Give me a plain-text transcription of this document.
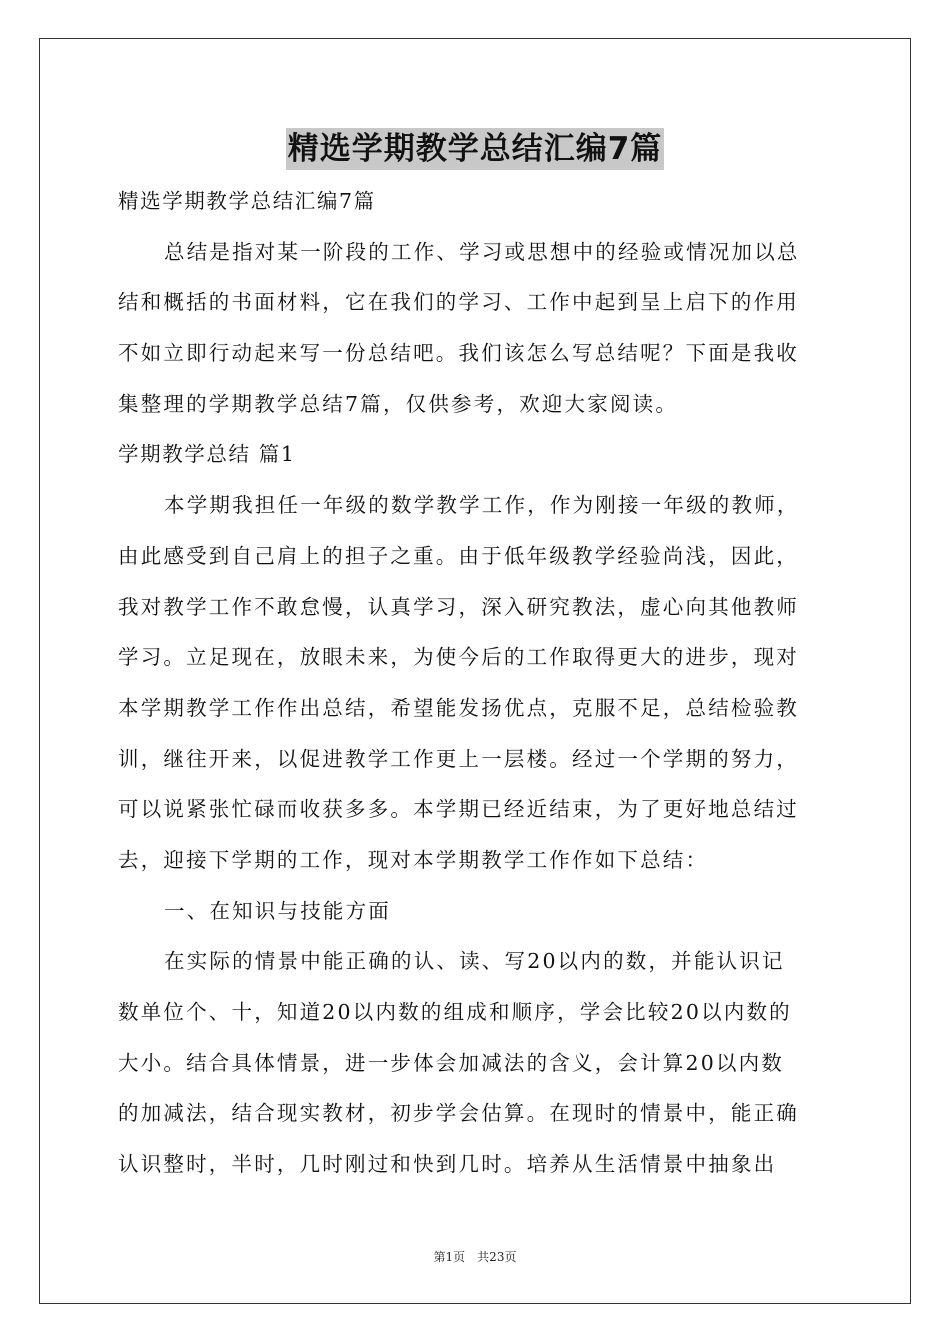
精选学期教学总结汇编7篇
精选学期教学总结汇编7篇
总结是指对某一阶段的工作、学习或思想中的经验或情况加以总
结和概括的书面材料，它在我们的学习、工作中起到呈上启下的作用
不如立即行动起来写一份总结吧。我们该怎么写总结呢？下面是我收
集整理的学期教学总结7篇，仅供参考，欢迎大家阅读。
学期教学总结 篇1
本学期我担任一年级的数学教学工作，作为刚接一年级的教师，
由此感受到自己肩上的担子之重。由于低年级教学经验尚浅，因此，
我对教学工作不敢怠慢，认真学习，深入研究教法，虚心向其他教师
学习。立足现在，放眼未来，为使今后的工作取得更大的进步，现对
本学期教学工作作出总结，希望能发扬优点，克服不足，总结检验教
训，继往开来，以促进教学工作更上一层楼。经过一个学期的努力，
可以说紧张忙碌而收获多多。本学期已经近结束，为了更好地总结过
去，迎接下学期的工作，现对本学期教学工作作如下总结：
一、在知识与技能方面
在实际的情景中能正确的认、读、写20以内的数，并能认识记
数单位个、十，知道20以内数的组成和顺序，学会比较20以内数的
大小。结合具体情景，进一步体会加减法的含义，会计算20以内数
的加减法，结合现实教材，初步学会估算。在现时的情景中，能正确
认识整时，半时，几时刚过和快到几时。培养从生活情景中抽象出
第1页　共23页
